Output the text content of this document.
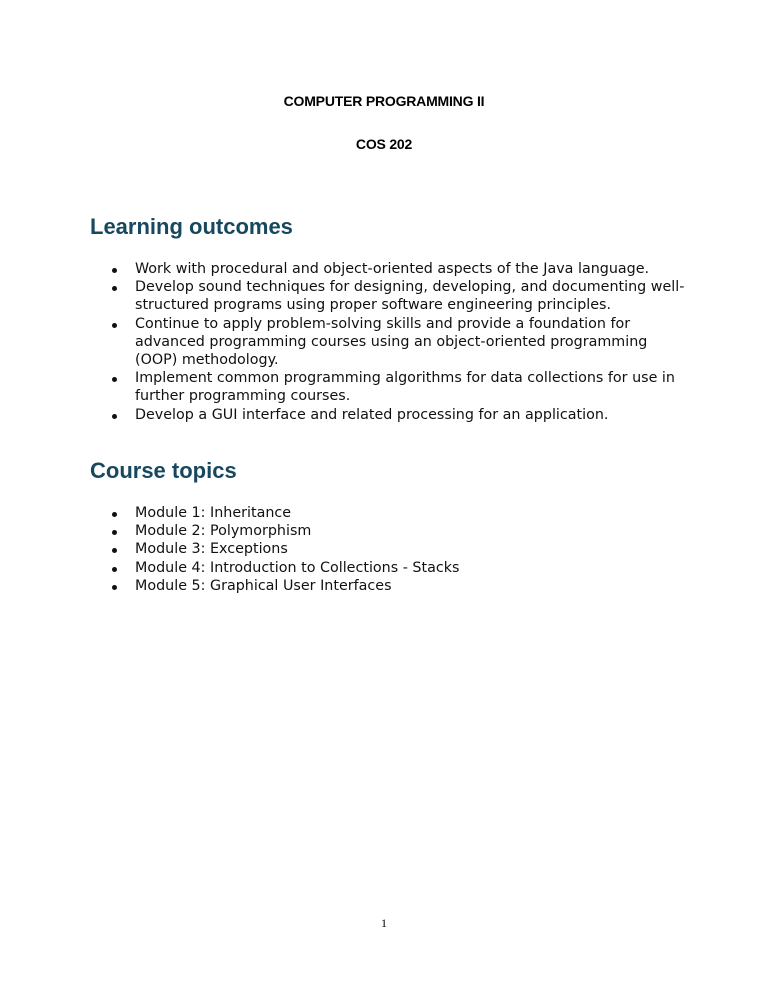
COMPUTER PROGRAMMING II
COS 202
Learning outcomes
Work with procedural and object-oriented aspects of the Java language.
Develop sound techniques for designing, developing, and documenting well-structured programs using proper software engineering principles.
Continue to apply problem-solving skills and provide a foundation for advanced programming courses using an object-oriented programming (OOP) methodology.
Implement common programming algorithms for data collections for use in further programming courses.
Develop a GUI interface and related processing for an application.
Course topics
Module 1: Inheritance
Module 2: Polymorphism
Module 3: Exceptions
Module 4: Introduction to Collections - Stacks
Module 5: Graphical User Interfaces
1
